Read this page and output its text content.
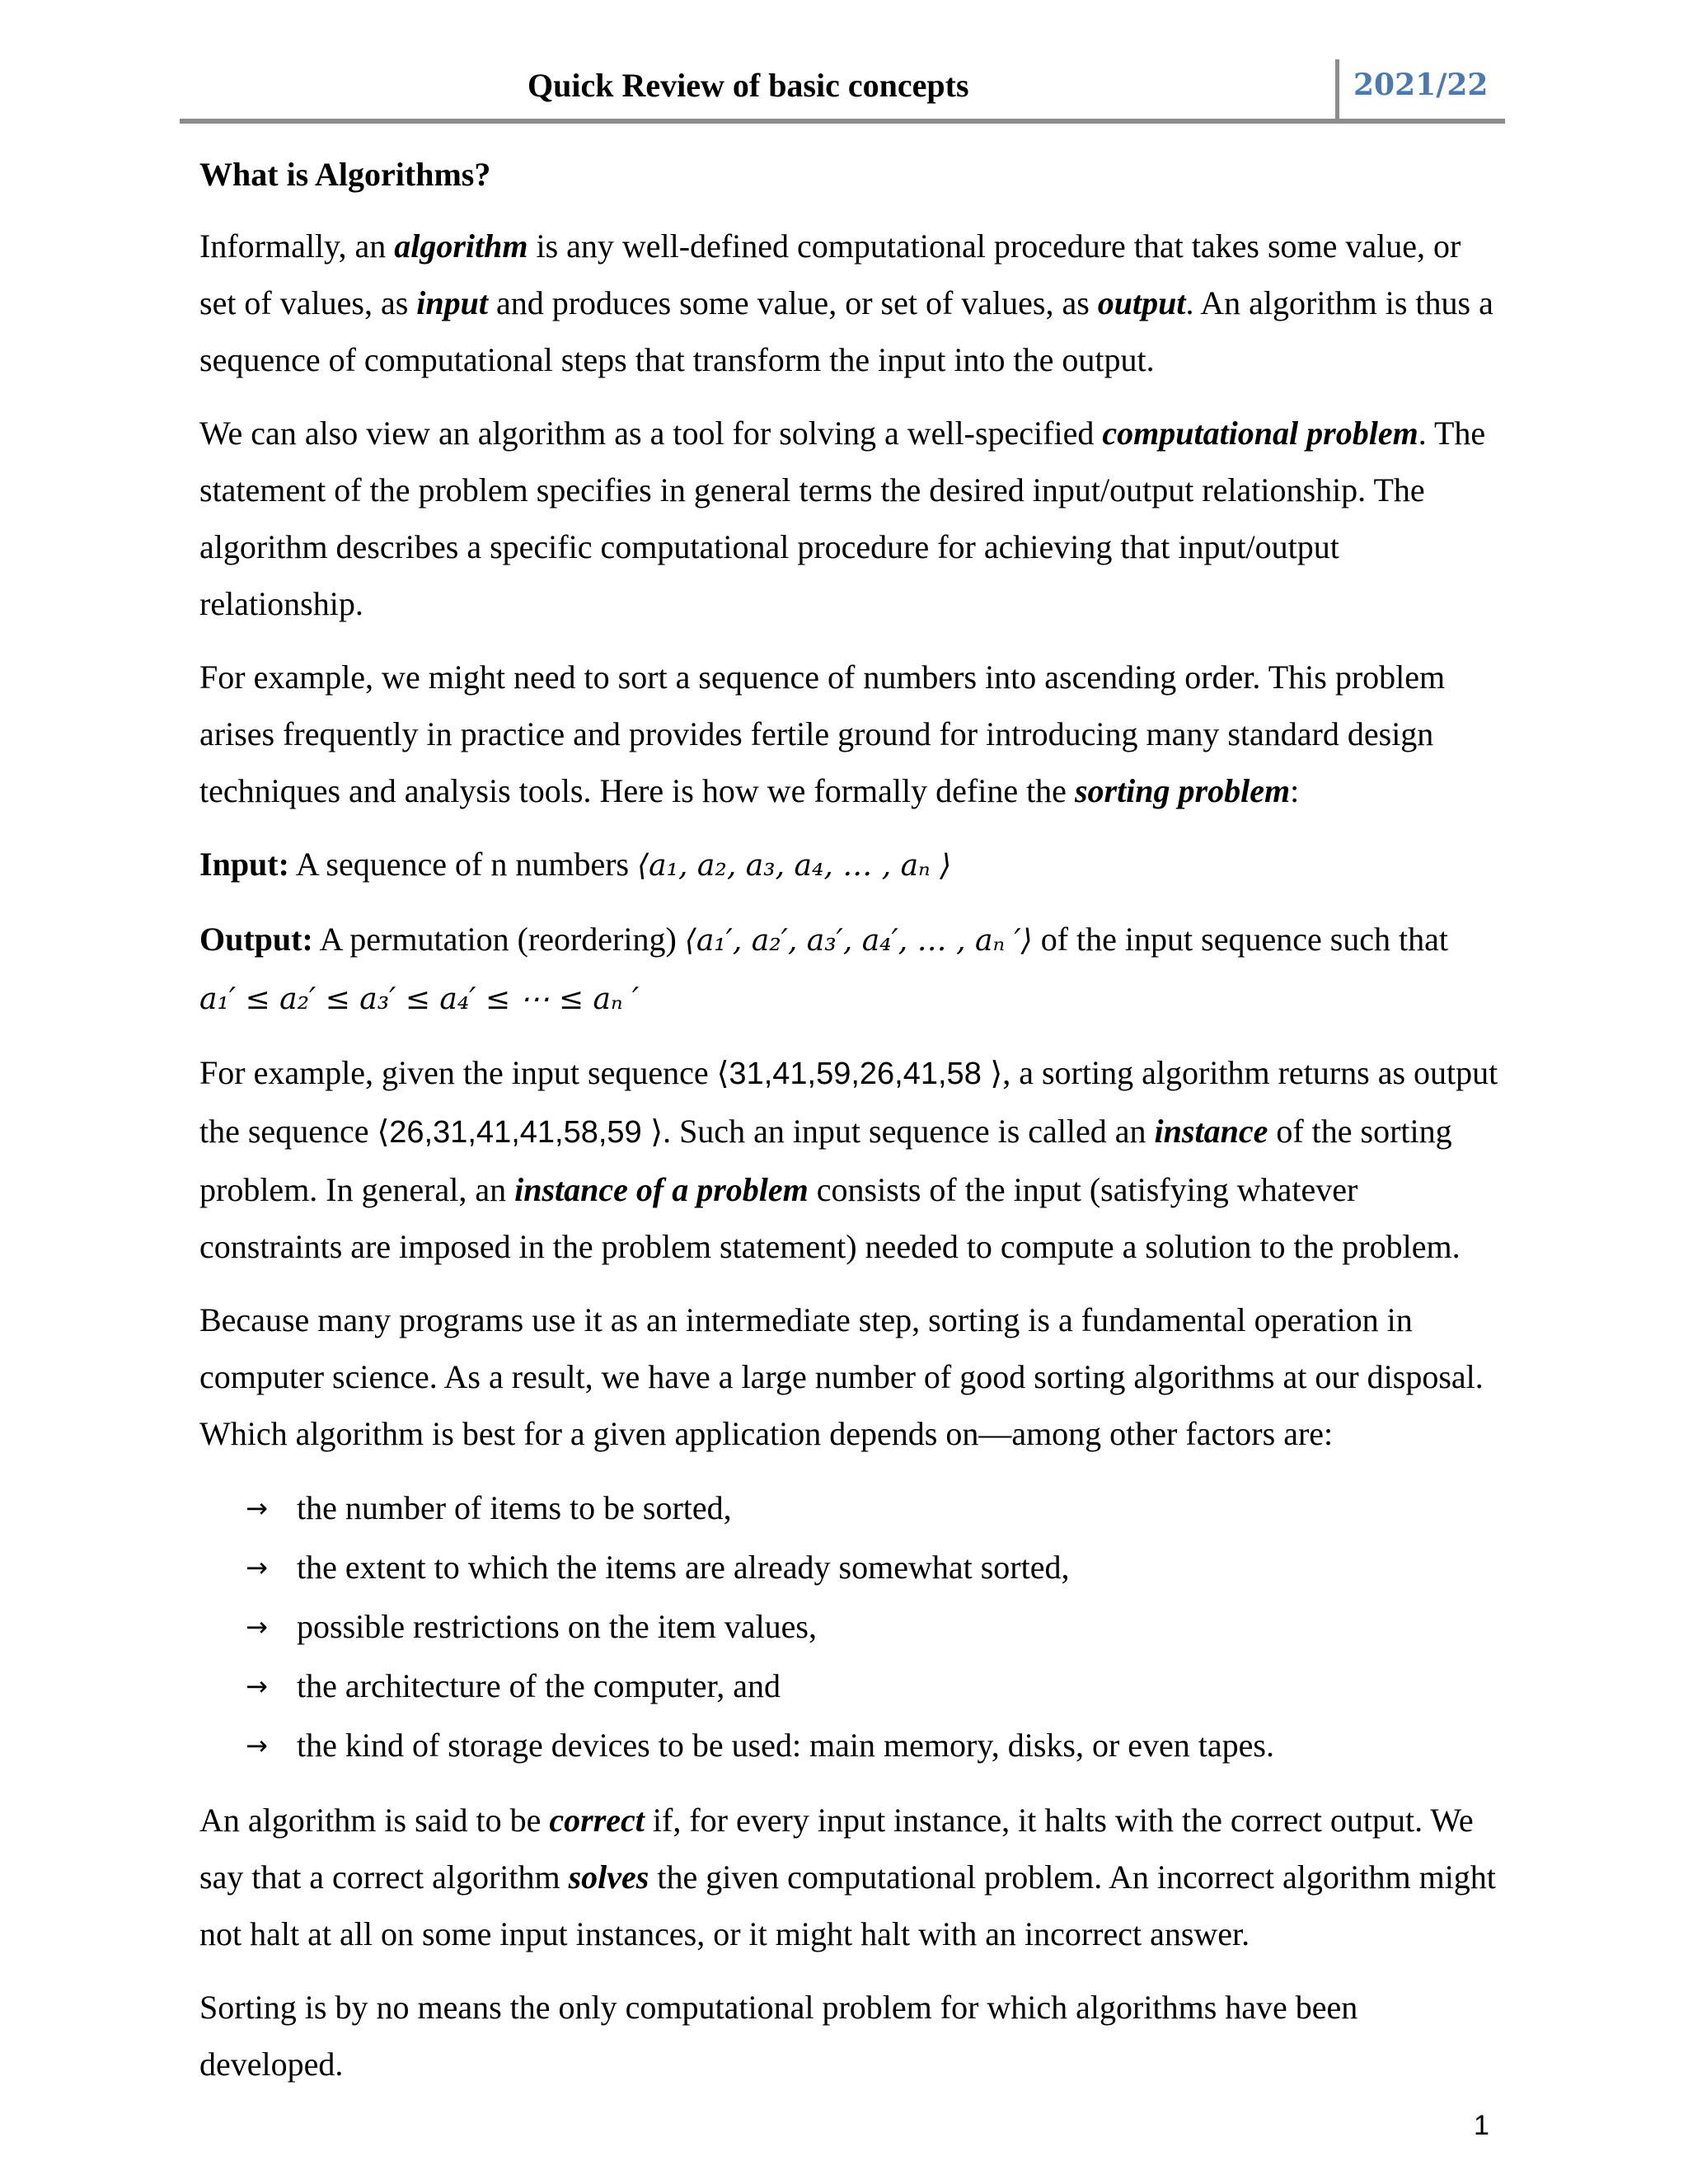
Quick Review of basic concepts	2021/22
What is Algorithms?

Informally, an algorithm is any well-defined computational procedure that takes some value, or set of values, as input and produces some value, or set of values, as output. An algorithm is thus a sequence of computational steps that transform the input into the output.

We can also view an algorithm as a tool for solving a well-specified computational problem. The statement of the problem specifies in general terms the desired input/output relationship. The algorithm describes a specific computational procedure for achieving that input/output relationship.

For example, we might need to sort a sequence of numbers into ascending order. This problem arises frequently in practice and provides fertile ground for introducing many standard design techniques and analysis tools. Here is how we formally define the sorting problem:

Input: A sequence of n numbers ⟨a₁, a₂, a₃, a₄, … , aₙ ⟩

Output: A permutation (reordering) ⟨a₁′, a₂′, a₃′, a₄′, … , aₙ ′⟩ of the input sequence such that
a₁′ ≤ a₂′ ≤ a₃′ ≤ a₄′ ≤ ⋯ ≤ aₙ ′

For example, given the input sequence ⟨31,41,59,26,41,58 ⟩, a sorting algorithm returns as output the sequence ⟨26,31,41,41,58,59 ⟩. Such an input sequence is called an instance of the sorting problem. In general, an instance of a problem consists of the input (satisfying whatever constraints are imposed in the problem statement) needed to compute a solution to the problem.

Because many programs use it as an intermediate step, sorting is a fundamental operation in computer science. As a result, we have a large number of good sorting algorithms at our disposal. Which algorithm is best for a given application depends on—among other factors are:

→ the number of items to be sorted,
→ the extent to which the items are already somewhat sorted,
→ possible restrictions on the item values,
→ the architecture of the computer, and
→ the kind of storage devices to be used: main memory, disks, or even tapes.

An algorithm is said to be correct if, for every input instance, it halts with the correct output. We say that a correct algorithm solves the given computational problem. An incorrect algorithm might not halt at all on some input instances, or it might halt with an incorrect answer.

Sorting is by no means the only computational problem for which algorithms have been developed.

1
